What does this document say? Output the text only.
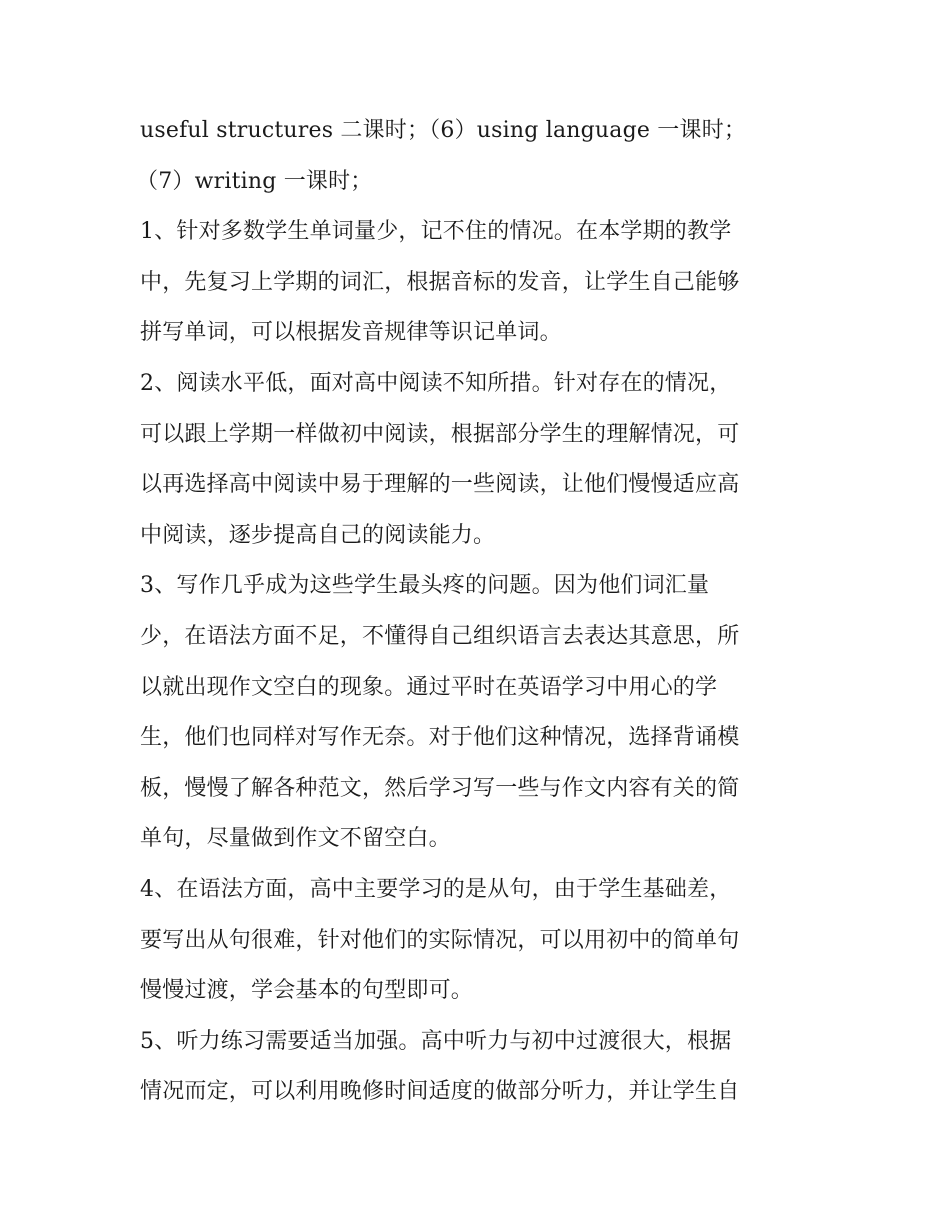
useful structures 二课时；（6）using language 一课时；
（7）writing 一课时；
1、针对多数学生单词量少，记不住的情况。在本学期的教学
中，先复习上学期的词汇，根据音标的发音，让学生自己能够
拼写单词，可以根据发音规律等识记单词。
2、阅读水平低，面对高中阅读不知所措。针对存在的情况，
可以跟上学期一样做初中阅读，根据部分学生的理解情况，可
以再选择高中阅读中易于理解的一些阅读，让他们慢慢适应高
中阅读，逐步提高自己的阅读能力。
3、写作几乎成为这些学生最头疼的问题。因为他们词汇量
少，在语法方面不足，不懂得自己组织语言去表达其意思，所
以就出现作文空白的现象。通过平时在英语学习中用心的学
生，他们也同样对写作无奈。对于他们这种情况，选择背诵模
板，慢慢了解各种范文，然后学习写一些与作文内容有关的简
单句，尽量做到作文不留空白。
4、在语法方面，高中主要学习的是从句，由于学生基础差，
要写出从句很难，针对他们的实际情况，可以用初中的简单句
慢慢过渡，学会基本的句型即可。
5、听力练习需要适当加强。高中听力与初中过渡很大，根据
情况而定，可以利用晚修时间适度的做部分听力，并让学生自
